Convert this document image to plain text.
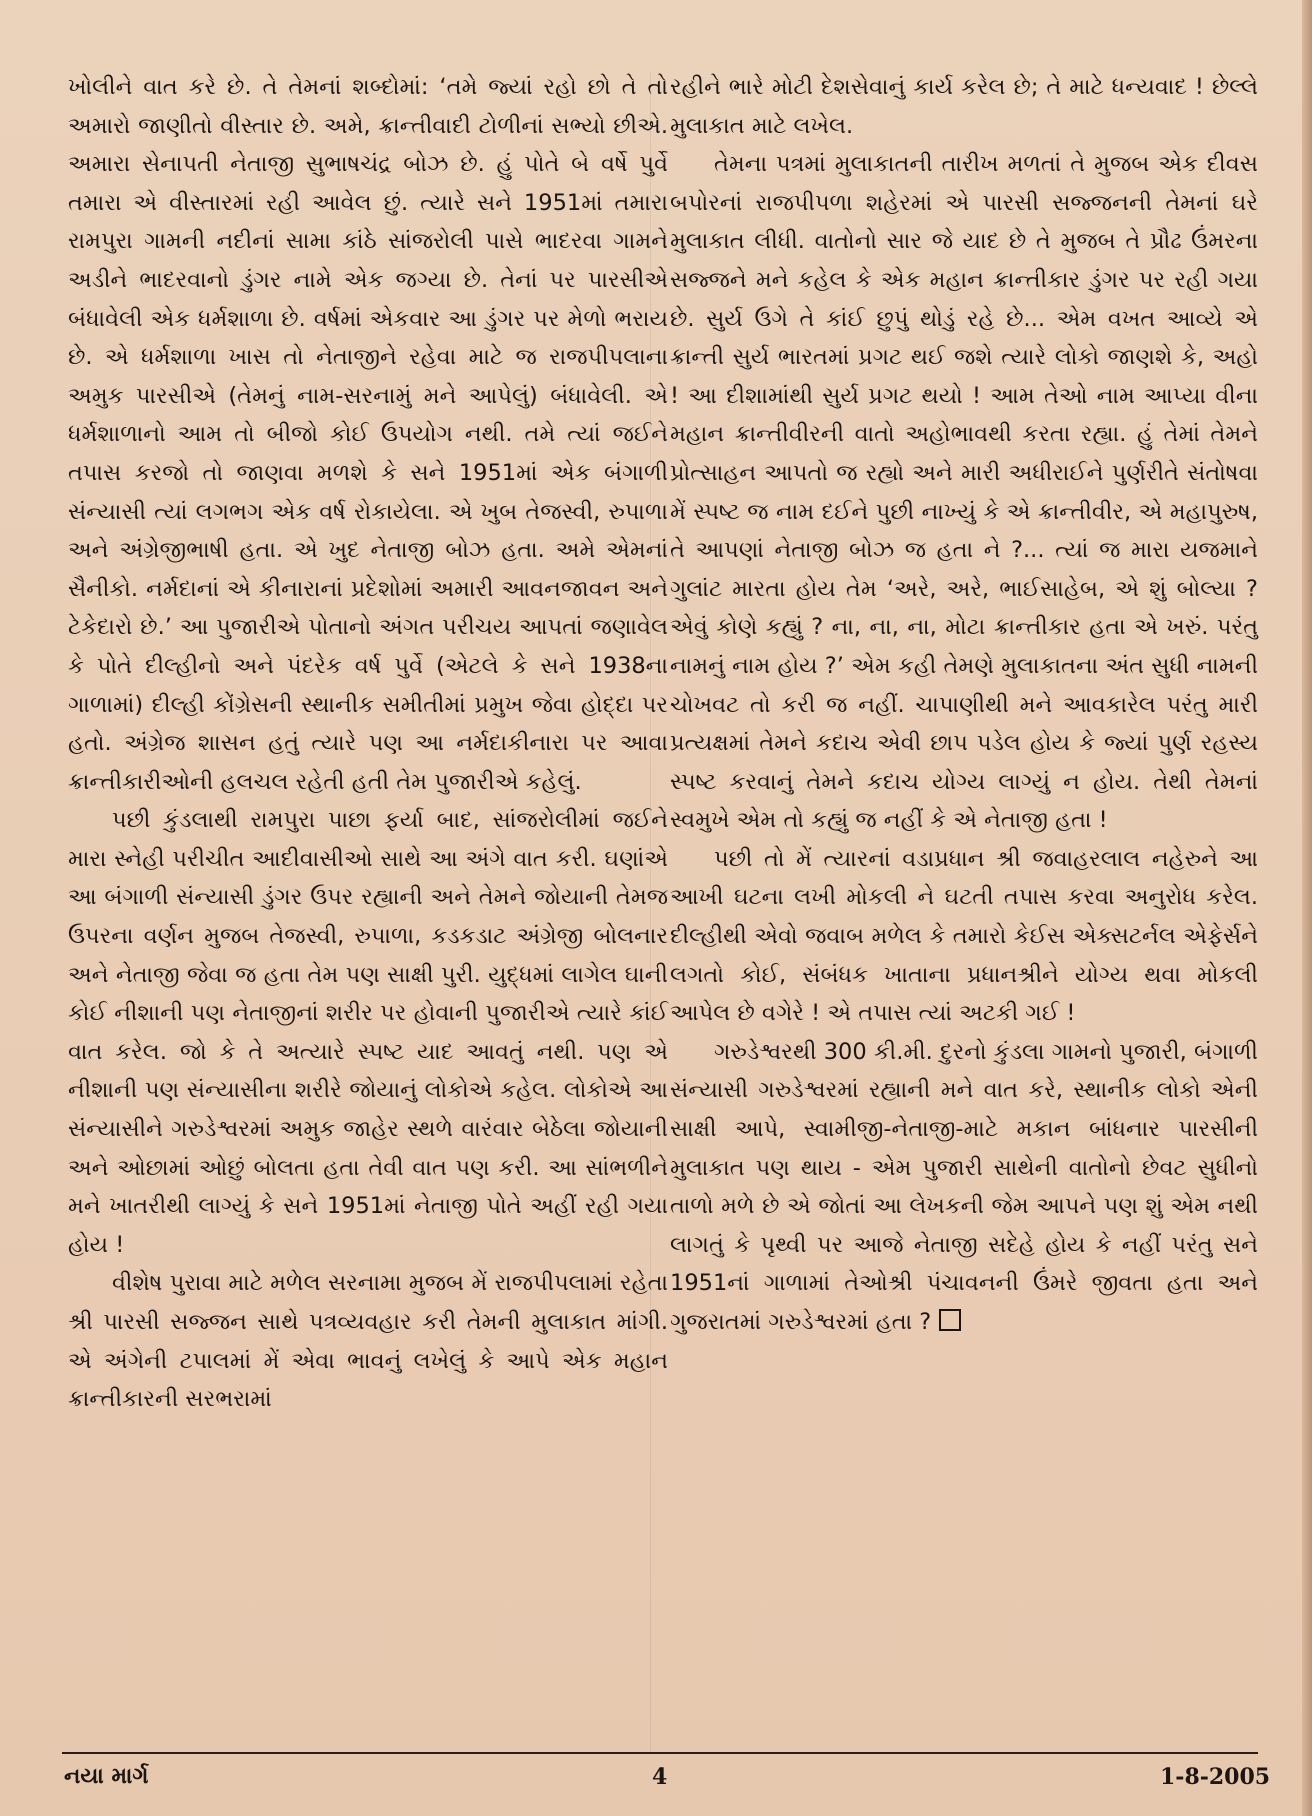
ખોલીને વાત કરે છે. તે તેમનાં શબ્દોમાં: ‘તમે જ્યાં રહો છો તે તો અમારો જાણીતો વીસ્તાર છે. અમે, ક્રાન્તીવાદી ટોળીનાં સભ્યો છીએ. અમારા સેનાપતી નેતાજી સુભાષચંદ્ર બોઝ છે. હું પોતે બે વર્ષે પુર્વે તમારા એ વીસ્તારમાં રહી આવેલ છું. ત્યારે સને 1951માં તમારા રામપુરા ગામની નદીનાં સામા કાંઠે સાંજરોલી પાસે ભાદરવા ગામને અડીને ભાદરવાનો ડુંગર નામે એક જગ્યા છે. તેનાં પર પારસીએ બંધાવેલી એક ધર્મશાળા છે. વર્ષમાં એકવાર આ ડુંગર પર મેળો ભરાય છે. એ ધર્મશાળા ખાસ તો નેતાજીને રહેવા માટે જ રાજપીપલાના અમુક પારસીએ (તેમનું નામ-સરનામું મને આપેલું) બંધાવેલી. એ ધર્મશાળાનો આમ તો બીજો કોઈ ઉપયોગ નથી. તમે ત્યાં જઈને તપાસ કરજો તો જાણવા મળશે કે સને 1951માં એક બંગાળી સંન્યાસી ત્યાં લગભગ એક વર્ષ રોકાયેલા. એ ખુબ તેજસ્વી, રુપાળા અને અંગ્રેજીભાષી હતા. એ ખુદ નેતાજી બોઝ હતા. અમે એમનાં સૈનીકો. નર્મદાનાં એ કીનારાનાં પ્રદેશોમાં અમારી આવનજાવન અને ટેકેદારો છે.’ આ પુજારીએ પોતાનો અંગત પરીચય આપતાં જણાવેલ કે પોતે દીલ્હીનો અને પંદરેક વર્ષ પુર્વે (એટલે કે સને 1938ના ગાળામાં) દીલ્હી કોંગ્રેસની સ્થાનીક સમીતીમાં પ્રમુખ જેવા હોદ્દા પર હતો. અંગ્રેજ શાસન હતું ત્યારે પણ આ નર્મદાકીનારા પર આવા ક્રાન્તીકારીઓની હલચલ રહેતી હતી તેમ પુજારીએ કહેલું.

પછી કુંડલાથી રામપુરા પાછા ફર્યા બાદ, સાંજરોલીમાં જઈને મારા સ્નેહી પરીચીત આદીવાસીઓ સાથે આ અંગે વાત કરી. ઘણાંએ આ બંગાળી સંન્યાસી ડુંગર ઉપર રહ્યાની અને તેમને જોયાની તેમજ ઉપરના વર્ણન મુજબ તેજસ્વી, રુપાળા, કડકડાટ અંગ્રેજી બોલનાર અને નેતાજી જેવા જ હતા તેમ પણ સાક્ષી પુરી. યુદ્ધમાં લાગેલ ઘાની કોઈ નીશાની પણ નેતાજીનાં શરીર પર હોવાની પુજારીએ ત્યારે કાંઈ વાત કરેલ. જો કે તે અત્યારે સ્પષ્ટ યાદ આવતું નથી. પણ એ નીશાની પણ સંન્યાસીના શરીરે જોયાનું લોકોએ કહેલ. લોકોએ આ સંન્યાસીને ગરુડેશ્વરમાં અમુક જાહેર સ્થળે વારંવાર બેઠેલા જોયાની અને ઓછામાં ઓછું બોલતા હતા તેવી વાત પણ કરી. આ સાંભળીને મને ખાતરીથી લાગ્યું કે સને 1951માં નેતાજી પોતે અહીં રહી ગયા હોય !

વીશેષ પુરાવા માટે મળેલ સરનામા મુજબ મેં રાજપીપલામાં રહેતા શ્રી પારસી સજ્જન સાથે પત્રવ્યવહાર કરી તેમની મુલાકાત માંગી. એ અંગેની ટપાલમાં મેં એવા ભાવનું લખેલું કે આપે એક મહાન ક્રાન્તીકારની સરભરામાં

રહીને ભારે મોટી દેશસેવાનું કાર્ય કરેલ છે; તે માટે ધન્યવાદ ! છેલ્લે મુલાકાત માટે લખેલ.

તેમના પત્રમાં મુલાકાતની તારીખ મળતાં તે મુજબ એક દીવસ બપોરનાં રાજપીપળા શહેરમાં એ પારસી સજ્જનની તેમનાં ઘરે મુલાકાત લીધી. વાતોનો સાર જે યાદ છે તે મુજબ તે પ્રૌઢ ઉંમરના સજ્જને મને કહેલ કે એક મહાન ક્રાન્તીકાર ડુંગર પર રહી ગયા છે. સુર્ય ઉગે તે કાંઈ છુપું થોડું રહે છે... એમ વખત આવ્યે એ ક્રાન્તી સુર્ય ભારતમાં પ્રગટ થઈ જશે ત્યારે લોકો જાણશે કે, અહો ! આ દીશામાંથી સુર્ય પ્રગટ થયો ! આમ તેઓ નામ આપ્યા વીના મહાન ક્રાન્તીવીરની વાતો અહોભાવથી કરતા રહ્યા. હું તેમાં તેમને પ્રોત્સાહન આપતો જ રહ્યો અને મારી અધીરાઈને પુર્ણરીતે સંતોષવા મેં સ્પષ્ટ જ નામ દઈને પુછી નાખ્યું કે એ ક્રાન્તીવીર, એ મહાપુરુષ, તે આપણાં નેતાજી બોઝ જ હતા ને ?... ત્યાં જ મારા યજમાને ગુલાંટ મારતા હોય તેમ ‘અરે, અરે, ભાઈસાહેબ, એ શું બોલ્યા ? એવું કોણે કહ્યું ? ના, ના, ના, મોટા ક્રાન્તીકાર હતા એ ખરું. પરંતુ નામનું નામ હોય ?’ એમ કહી તેમણે મુલાકાતના અંત સુધી નામની ચોખવટ તો કરી જ નહીં. ચાપાણીથી મને આવકારેલ પરંતુ મારી પ્રત્યક્ષમાં તેમને કદાચ એવી છાપ પડેલ હોય કે જ્યાં પુર્ણ રહસ્ય સ્પષ્ટ કરવાનું તેમને કદાચ યોગ્ય લાગ્યું ન હોય. તેથી તેમનાં સ્વમુખે એમ તો કહ્યું જ નહીં કે એ નેતાજી હતા !

પછી તો મેં ત્યારનાં વડાપ્રધાન શ્રી જવાહરલાલ નહેરુને આ આખી ઘટના લખી મોકલી ને ઘટતી તપાસ કરવા અનુરોધ કરેલ. દીલ્હીથી એવો જવાબ મળેલ કે તમારો કેઈસ એક્સટર્નલ એફેર્સને લગતો કોઈ, સંબંધક ખાતાના પ્રધાનશ્રીને યોગ્ય થવા મોકલી આપેલ છે વગેરે ! એ તપાસ ત્યાં અટકી ગઈ !

ગરુડેશ્વરથી 300 કી.મી. દુરનો કુંડલા ગામનો પુજારી, બંગાળી સંન્યાસી ગરુડેશ્વરમાં રહ્યાની મને વાત કરે, સ્થાનીક લોકો એની સાક્ષી આપે, સ્વામીજી-નેતાજી-માટે મકાન બાંધનાર પારસીની મુલાકાત પણ થાય - એમ પુજારી સાથેની વાતોનો છેવટ સુધીનો તાળો મળે છે એ જોતાં આ લેખકની જેમ આપને પણ શું એમ નથી લાગતું કે પૃથ્વી પર આજે નેતાજી સદેહે હોય કે નહીં પરંતુ સને 1951નાં ગાળામાં તેઓશ્રી પંચાવનની ઉંમરે જીવતા હતા અને ગુજરાતમાં ગરુડેશ્વરમાં હતા ?

નયા માર્ગ	4	1-8-2005
